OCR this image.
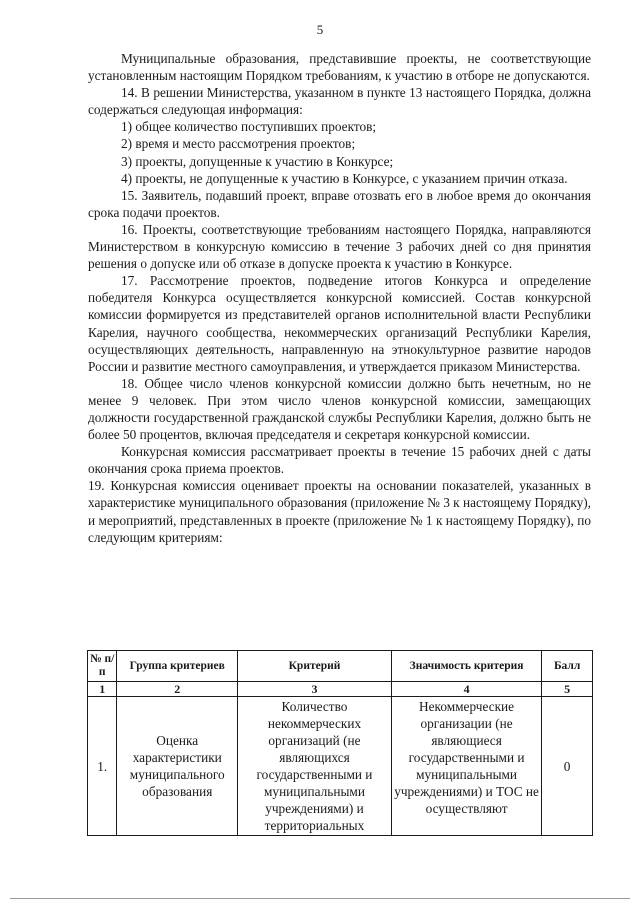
5

Муниципальные образования, представившие проекты, не соответствующие установленным настоящим Порядком требованиям, к участию в отборе не допускаются.

14. В решении Министерства, указанном в пункте 13 настоящего Порядка, должна содержаться следующая информация:

1) общее количество поступивших проектов;

2) время и место рассмотрения проектов;

3) проекты, допущенные к участию в Конкурсе;

4) проекты, не допущенные к участию в Конкурсе, с указанием причин отказа.

15. Заявитель, подавший проект, вправе отозвать его в любое время до окончания срока подачи проектов.

16. Проекты, соответствующие требованиям настоящего Порядка, направляются Министерством в конкурсную комиссию в течение 3 рабочих дней со дня принятия решения о допуске или об отказе в допуске проекта к участию в Конкурсе.

17. Рассмотрение проектов, подведение итогов Конкурса и определение победителя Конкурса осуществляется конкурсной комиссией. Состав конкурсной комиссии формируется из представителей органов исполнительной власти Республики Карелия, научного сообщества, некоммерческих организаций Республики Карелия, осуществляющих деятельность, направленную на этнокультурное развитие народов России и развитие местного самоуправления, и утверждается приказом Министерства.

18. Общее число членов конкурсной комиссии должно быть нечетным, но не менее 9 человек. При этом число членов конкурсной комиссии, замещающих должности государственной гражданской службы Республики Карелия, должно быть не более 50 процентов, включая председателя и секретаря конкурсной комиссии.

Конкурсная комиссия рассматривает проекты в течение 15 рабочих дней с даты окончания срока приема проектов.

19. Конкурсная комиссия оценивает проекты на основании показателей, указанных в характеристике муниципального образования (приложение № 3 к настоящему Порядку), и мероприятий, представленных в проекте (приложение № 1 к настоящему Порядку), по следующим критериям:

№ п/п	Группа критериев	Критерий	Значимость критерия	Балл
1	2	3	4	5
1.	Оценка характеристики муниципального образования	Количество некоммерческих организаций (не являющихся государственными и муниципальными учреждениями) и территориальных	Некоммерческие организации (не являющиеся государственными и муниципальными учреждениями) и ТОС не осуществляют	0
